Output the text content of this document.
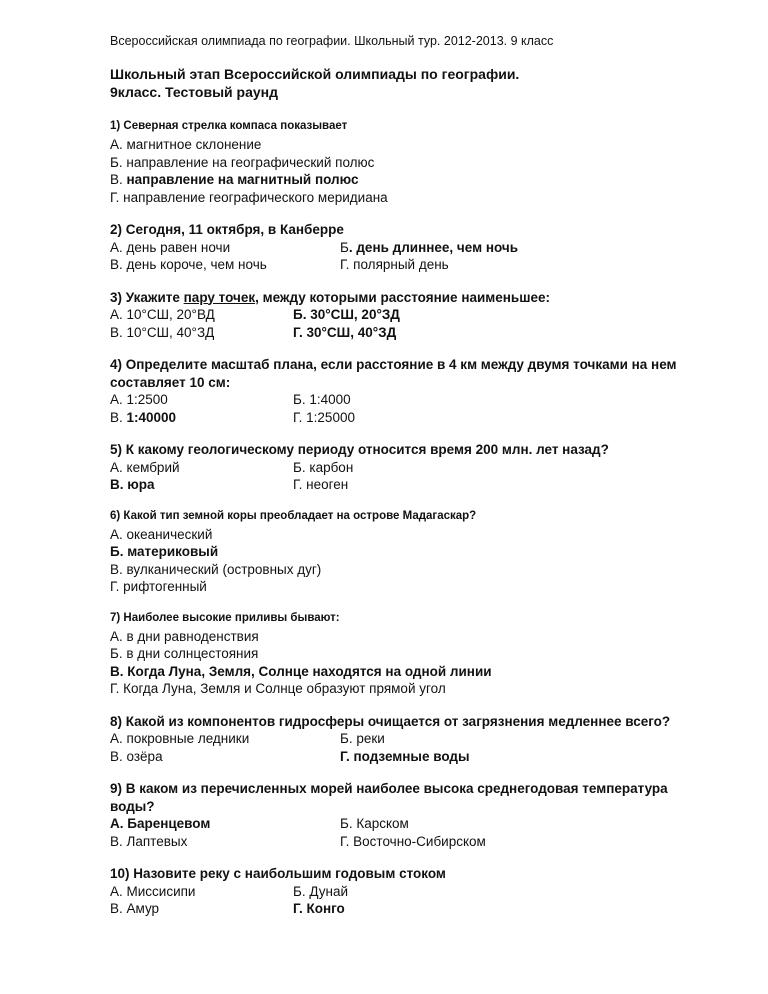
Всероссийская олимпиада по географии. Школьный тур. 2012-2013. 9 класс
Школьный этап Всероссийской олимпиады по географии.
9класс. Тестовый раунд
1) Северная стрелка компаса показывает
А. магнитное склонение
Б. направление на географический полюс
В. направление на магнитный полюс
Г. направление географического меридиана
2) Сегодня, 11 октября, в Канберре
А. день равен ночи	Б. день длиннее, чем ночь
В. день короче, чем ночь	Г. полярный день
3) Укажите пару точек, между которыми расстояние наименьшее:
А. 10°СШ, 20°ВД	Б. 30°СШ, 20°ЗД
В. 10°СШ, 40°ЗД	Г. 30°СШ, 40°ЗД
4) Определите масштаб плана, если расстояние в 4 км между двумя точками на нем
составляет 10 см:
А. 1:2500	Б. 1:4000
В. 1:40000	Г. 1:25000
5) К какому геологическому периоду относится время 200 млн. лет назад?
А. кембрий	Б. карбон
В. юра	Г. неоген
6) Какой тип земной коры преобладает на острове Мадагаскар?
А. океанический
Б. материковый
В. вулканический (островных дуг)
Г. рифтогенный
7) Наиболее высокие приливы бывают:
А. в дни равноденствия
Б. в дни солнцестояния
В. Когда Луна, Земля, Солнце находятся на одной линии
Г. Когда Луна, Земля и Солнце образуют прямой угол
8) Какой из компонентов гидросферы очищается от загрязнения медленнее всего?
А. покровные ледники	Б. реки
В. озёра	Г. подземные воды
9) В каком из перечисленных морей наиболее высока среднегодовая температура
воды?
А. Баренцевом	Б. Карском
В. Лаптевых	Г. Восточно-Сибирском
10) Назовите реку с наибольшим годовым стоком
А. Миссисипи	Б. Дунай
В. Амур	Г. Конго
